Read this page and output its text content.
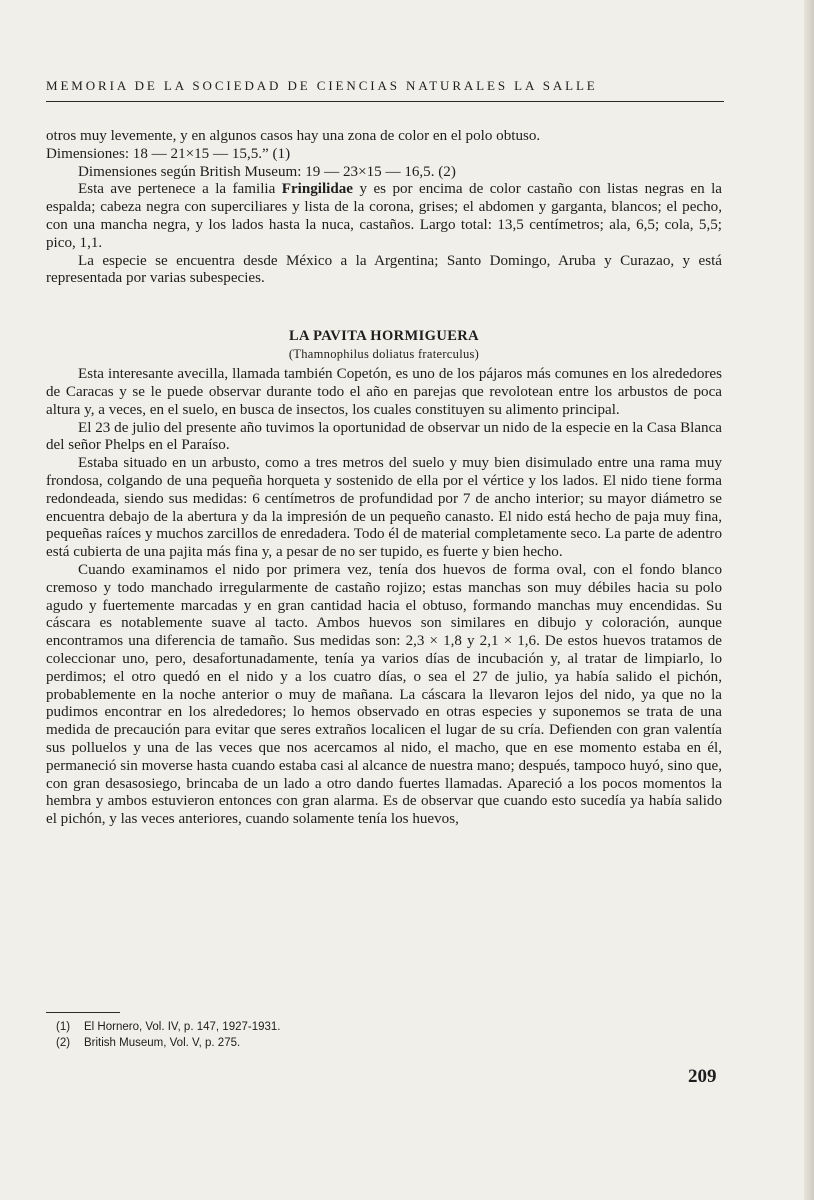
MEMORIA DE LA SOCIEDAD DE CIENCIAS NATURALES LA SALLE

otros muy levemente, y en algunos casos hay una zona de color en el polo obtuso.

Dimensiones: 18 — 21×15 — 15,5.” (1)

Dimensiones según British Museum: 19 — 23×15 — 16,5. (2)

Esta ave pertenece a la familia Fringilidae y es por encima de color castaño con listas negras en la espalda; cabeza negra con superciliares y lista de la corona, grises; el abdomen y garganta, blancos; el pecho, con una mancha negra, y los lados hasta la nuca, castaños. Largo total: 13,5 centímetros; ala, 6,5; cola, 5,5; pico, 1,1.

La especie se encuentra desde México a la Argentina; Santo Domingo, Aruba y Curazao, y está representada por varias subespecies.

Esta interesante avecilla, llamada también Copetón, es uno de los pájaros más comunes en los alrededores de Caracas y se le puede observar durante todo el año en parejas que revolotean entre los arbustos de poca altura y, a veces, en el suelo, en busca de insectos, los cuales constituyen su alimento principal.

El 23 de julio del presente año tuvimos la oportunidad de observar un nido de la especie en la Casa Blanca del señor Phelps en el Paraíso.

Estaba situado en un arbusto, como a tres metros del suelo y muy bien disimulado entre una rama muy frondosa, colgando de una pequeña horqueta y sostenido de ella por el vértice y los lados. El nido tiene forma redondeada, siendo sus medidas: 6 centímetros de profundidad por 7 de ancho interior; su mayor diámetro se encuentra debajo de la abertura y da la impresión de un pequeño canasto. El nido está hecho de paja muy fina, pequeñas raíces y muchos zarcillos de enredadera. Todo él de material completamente seco. La parte de adentro está cubierta de una pajita más fina y, a pesar de no ser tupido, es fuerte y bien hecho.

Cuando examinamos el nido por primera vez, tenía dos huevos de forma oval, con el fondo blanco cremoso y todo manchado irregularmente de castaño rojizo; estas manchas son muy débiles hacia su polo agudo y fuertemente marcadas y en gran cantidad hacia el obtuso, formando manchas muy encendidas. Su cáscara es notablemente suave al tacto. Ambos huevos son similares en dibujo y coloración, aunque encontramos una diferencia de tamaño. Sus medidas son: 2,3 × 1,8 y 2,1 × 1,6. De estos huevos tratamos de coleccionar uno, pero, desafortunadamente, tenía ya varios días de incubación y, al tratar de limpiarlo, lo perdimos; el otro quedó en el nido y a los cuatro días, o sea el 27 de julio, ya había salido el pichón, probablemente en la noche anterior o muy de mañana. La cáscara la llevaron lejos del nido, ya que no la pudimos encontrar en los alrededores; lo hemos observado en otras especies y suponemos se trata de una medida de precaución para evitar que seres extraños localicen el lugar de su cría. Defienden con gran valentía sus polluelos y una de las veces que nos acercamos al nido, el macho, que en ese momento estaba en él, permaneció sin moverse hasta cuando estaba casi al alcance de nuestra mano; después, tampoco huyó, sino que, con gran desasosiego, brincaba de un lado a otro dando fuertes llamadas. Apareció a los pocos momentos la hembra y ambos estuvieron entonces con gran alarma. Es de observar que cuando esto sucedía ya había salido el pichón, y las veces anteriores, cuando solamente tenía los huevos,

LA PAVITA HORMIGUERA
(Thamnophilus doliatus fraterculus)
(1) El Hornero, Vol. IV, p. 147, 1927-1931.
(2) British Museum, Vol. V, p. 275.
209
